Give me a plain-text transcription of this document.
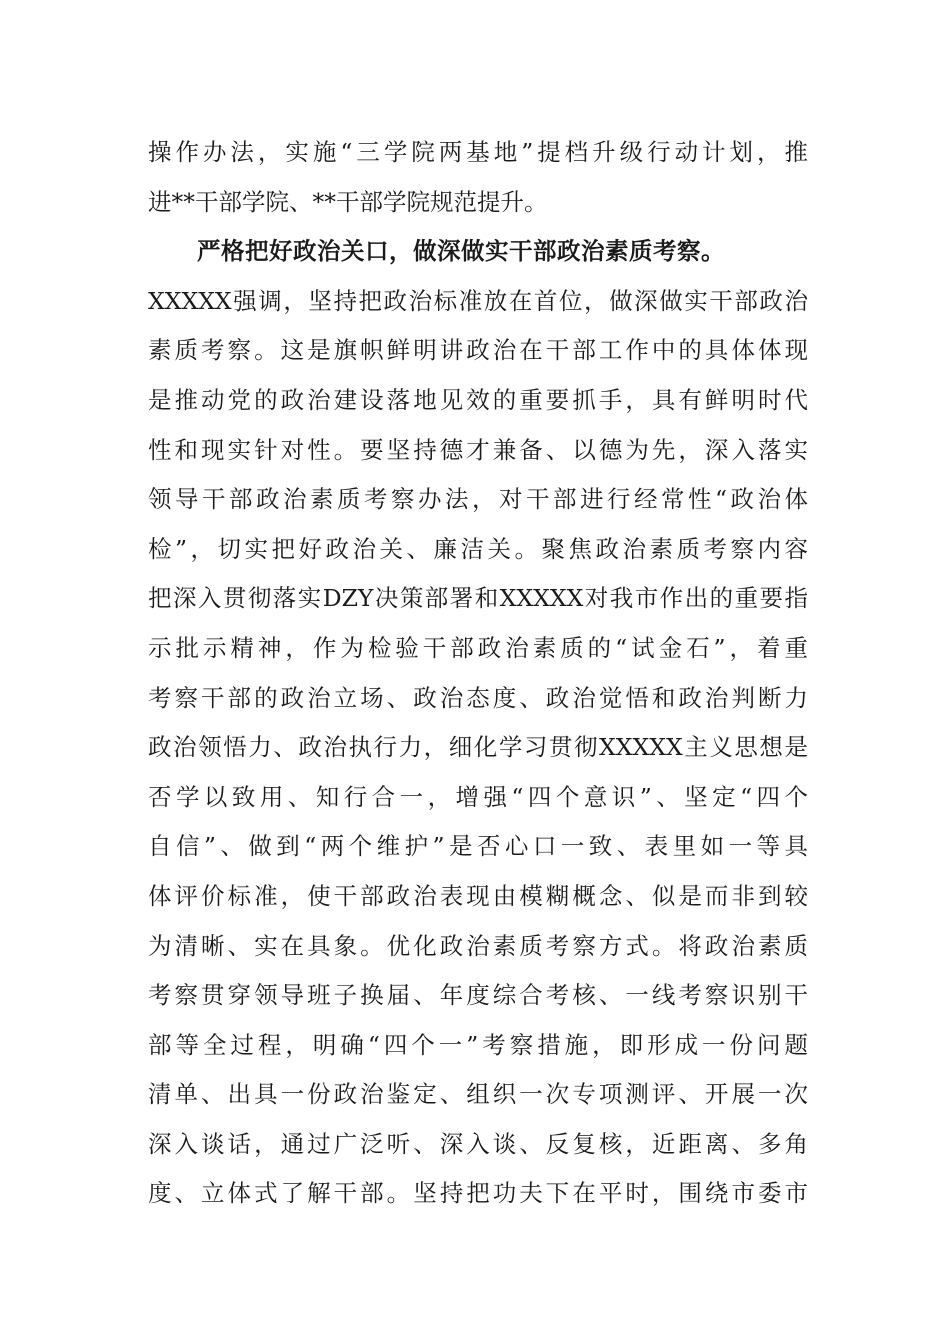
操作办法，实施“三学院两基地”提档升级行动计划，推
进**干部学院、**干部学院规范提升。
严格把好政治关口，做深做实干部政治素质考察。
XXXXX强调，坚持把政治标准放在首位，做深做实干部政治
素质考察。这是旗帜鲜明讲政治在干部工作中的具体体现
是推动党的政治建设落地见效的重要抓手，具有鲜明时代
性和现实针对性。要坚持德才兼备、以德为先，深入落实
领导干部政治素质考察办法，对干部进行经常性“政治体
检”，切实把好政治关、廉洁关。聚焦政治素质考察内容
把深入贯彻落实DZY决策部署和XXXXX对我市作出的重要指
示批示精神，作为检验干部政治素质的“试金石”，着重
考察干部的政治立场、政治态度、政治觉悟和政治判断力
政治领悟力、政治执行力，细化学习贯彻XXXXX主义思想是
否学以致用、知行合一，增强“四个意识”、坚定“四个
自信”、做到“两个维护”是否心口一致、表里如一等具
体评价标准，使干部政治表现由模糊概念、似是而非到较
为清晰、实在具象。优化政治素质考察方式。将政治素质
考察贯穿领导班子换届、年度综合考核、一线考察识别干
部等全过程，明确“四个一”考察措施，即形成一份问题
清单、出具一份政治鉴定、组织一次专项测评、开展一次
深入谈话，通过广泛听、深入谈、反复核，近距离、多角
度、立体式了解干部。坚持把功夫下在平时，围绕市委市
